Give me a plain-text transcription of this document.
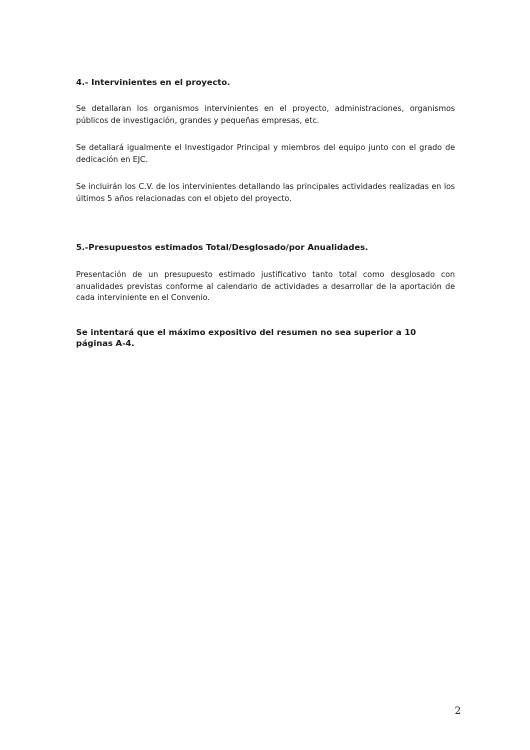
4.- Intervinientes en el proyecto.

Se detallaran los organismos intervinientes en el proyecto, administraciones, organismos públicos de investigación, grandes y pequeñas empresas, etc.

Se detallará igualmente el Investigador Principal y miembros del equipo junto con el grado de dedicación en EJC.

Se incluirán los C.V. de los intervinientes detallando las principales actividades realizadas en los últimos 5 años relacionadas con el objeto del proyecto.

5.-Presupuestos estimados Total/Desglosado/por Anualidades.

Presentación de un presupuesto estimado justificativo tanto total como desglosado con anualidades previstas conforme al calendario de actividades a desarrollar de la aportación de cada interviniente en el Convenio.

Se intentará que el máximo expositivo del resumen no sea superior a 10 páginas A-4.

2
